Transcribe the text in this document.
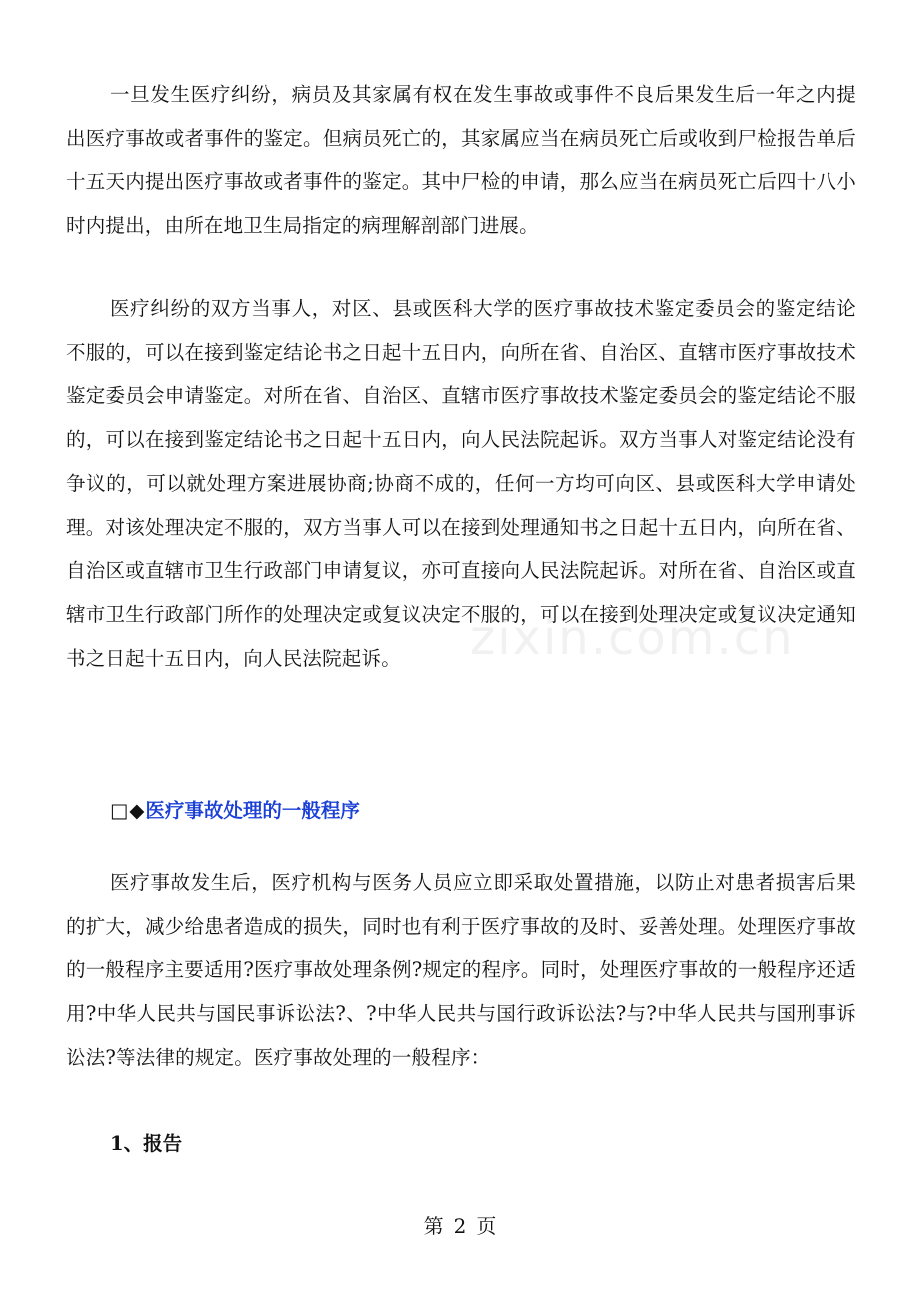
一旦发生医疗纠纷，病员及其家属有权在发生事故或事件不良后果发生后一年之内提出医疗事故或者事件的鉴定。但病员死亡的，其家属应当在病员死亡后或收到尸检报告单后十五天内提出医疗事故或者事件的鉴定。其中尸检的申请，那么应当在病员死亡后四十八小时内提出，由所在地卫生局指定的病理解剖部门进展。

医疗纠纷的双方当事人，对区、县或医科大学的医疗事故技术鉴定委员会的鉴定结论不服的，可以在接到鉴定结论书之日起十五日内，向所在省、自治区、直辖市医疗事故技术鉴定委员会申请鉴定。对所在省、自治区、直辖市医疗事故技术鉴定委员会的鉴定结论不服的，可以在接到鉴定结论书之日起十五日内，向人民法院起诉。双方当事人对鉴定结论没有争议的，可以就处理方案进展协商;协商不成的，任何一方均可向区、县或医科大学申请处理。对该处理决定不服的，双方当事人可以在接到处理通知书之日起十五日内，向所在省、自治区或直辖市卫生行政部门申请复议，亦可直接向人民法院起诉。对所在省、自治区或直辖市卫生行政部门所作的处理决定或复议决定不服的，可以在接到处理决定或复议决定通知书之日起十五日内，向人民法院起诉。

□◆医疗事故处理的一般程序

医疗事故发生后，医疗机构与医务人员应立即采取处置措施，以防止对患者损害后果的扩大，减少给患者造成的损失，同时也有利于医疗事故的及时、妥善处理。处理医疗事故的一般程序主要适用?医疗事故处理条例?规定的程序。同时，处理医疗事故的一般程序还适用?中华人民共与国民事诉讼法?、?中华人民共与国行政诉讼法?与?中华人民共与国刑事诉讼法?等法律的规定。医疗事故处理的一般程序：

1、报告
zixin.com.cn
第 2 页
